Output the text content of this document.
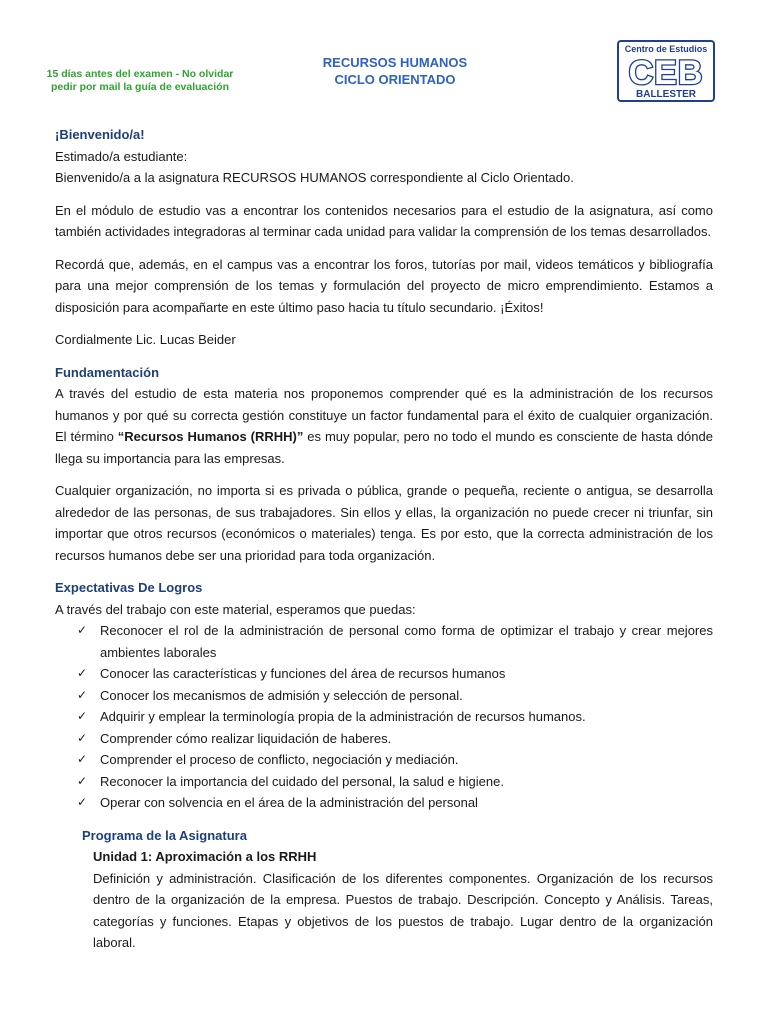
15 días antes del examen - No olvidar
pedir por mail la guía de evaluación
RECURSOS HUMANOS
CICLO ORIENTADO
Centro de Estudios
CEB
BALLESTER

¡Bienvenido/a!

Estimado/a estudiante:

Bienvenido/a a la asignatura RECURSOS HUMANOS correspondiente al Ciclo Orientado.

En el módulo de estudio vas a encontrar los contenidos necesarios para el estudio de la asignatura, así como también actividades integradoras al terminar cada unidad para validar la comprensión de los temas desarrollados.

Recordá que, además, en el campus vas a encontrar los foros, tutorías por mail, videos temáticos y bibliografía para una mejor comprensión de los temas y formulación del proyecto de micro emprendimiento. Estamos a disposición para acompañarte en este último paso hacia tu título secundario. ¡Éxitos!

Cordialmente Lic. Lucas Beider

Fundamentación

A través del estudio de esta materia nos proponemos comprender qué es la administración de los recursos humanos y por qué su correcta gestión constituye un factor fundamental para el éxito de cualquier organización. El término “Recursos Humanos (RRHH)” es muy popular, pero no todo el mundo es consciente de hasta dónde llega su importancia para las empresas.

Cualquier organización, no importa si es privada o pública, grande o pequeña, reciente o antigua, se desarrolla alrededor de las personas, de sus trabajadores. Sin ellos y ellas, la organización no puede crecer ni triunfar, sin importar que otros recursos (económicos o materiales) tenga. Es por esto, que la correcta administración de los recursos humanos debe ser una prioridad para toda organización.

Expectativas De Logros

A través del trabajo con este material, esperamos que puedas:

✓ Reconocer el rol de la administración de personal como forma de optimizar el trabajo y crear mejores ambientes laborales
✓ Conocer las características y funciones del área de recursos humanos
✓ Conocer los mecanismos de admisión y selección de personal.
✓ Adquirir y emplear la terminología propia de la administración de recursos humanos.
✓ Comprender cómo realizar liquidación de haberes.
✓ Comprender el proceso de conflicto, negociación y mediación.
✓ Reconocer la importancia del cuidado del personal, la salud e higiene.
✓ Operar con solvencia en el área de la administración del personal

Programa de la Asignatura

Unidad 1: Aproximación a los RRHH

Definición y administración. Clasificación de los diferentes componentes. Organización de los recursos dentro de la organización de la empresa. Puestos de trabajo. Descripción. Concepto y Análisis. Tareas, categorías y funciones. Etapas y objetivos de los puestos de trabajo. Lugar dentro de la organización laboral.
